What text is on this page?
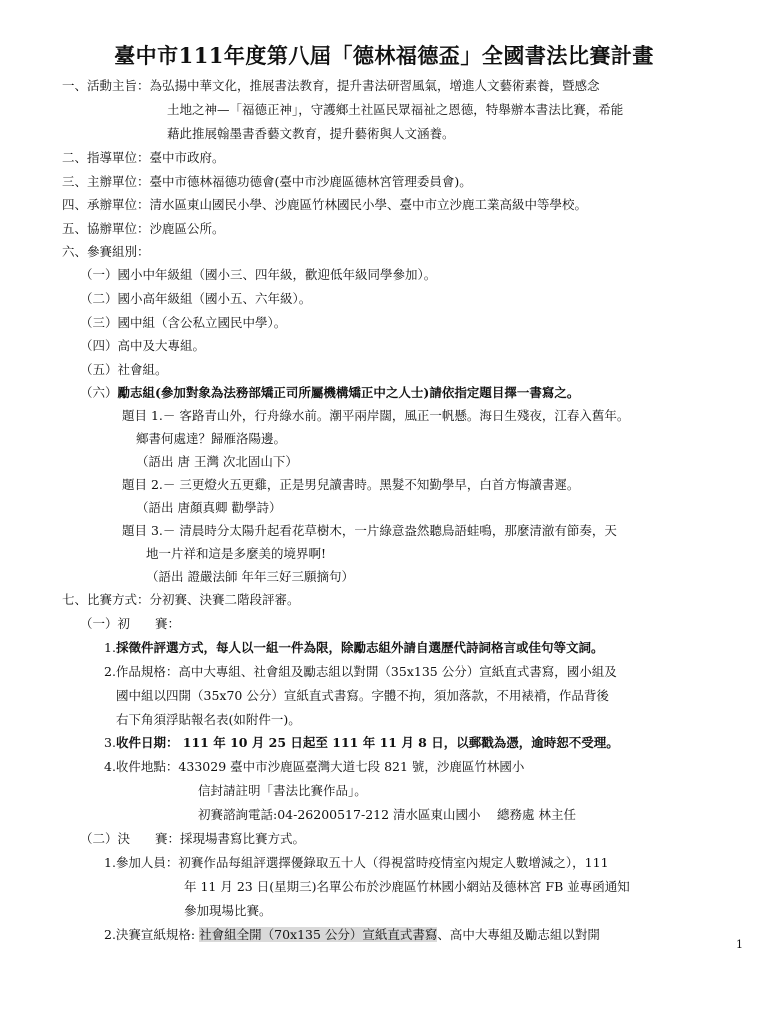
臺中市111年度第八屆「德林福德盃」全國書法比賽計畫
一、活動主旨：為弘揚中華文化，推展書法教育，提升書法研習風氣，增進人文藝術素養，暨感念
土地之神—「福德正神」，守護鄉土社區民眾福祉之恩德，特舉辦本書法比賽，希能
藉此推展翰墨書香藝文教育，提升藝術與人文涵養。
二、指導單位：臺中市政府。
三、主辦單位：臺中市德林福德功德會(臺中市沙鹿區德林宮管理委員會)。
四、承辦單位：清水區東山國民小學、沙鹿區竹林國民小學、臺中市立沙鹿工業高級中等學校。
五、協辦單位：沙鹿區公所。
六、參賽組別：
（一）國小中年級組（國小三、四年級，歡迎低年級同學參加）。
（二）國小高年級組（國小五、六年級）。
（三）國中組（含公私立國民中學）。
（四）高中及大專組。
（五）社會組。
（六）勵志組(參加對象為法務部矯正司所屬機構矯正中之人士)請依指定題目擇一書寫之。
題目 1.－ 客路青山外，行舟綠水前。潮平兩岸闊，風正一帆懸。海日生殘夜，江春入舊年。
鄉書何處達？歸雁洛陽邊。
（語出 唐 王灣 次北固山下）
題目 2.－ 三更燈火五更雞，正是男兒讀書時。黑髮不知勤學早，白首方悔讀書遲。
（語出 唐顏真卿 勸學詩）
題目 3.－ 清晨時分太陽升起看花草樹木，一片綠意盎然聽鳥語蛙鳴，那麼清澈有節奏，天
地一片祥和這是多麼美的境界啊!
（語出 證嚴法師 年年三好三願摘句）
七、比賽方式：分初賽、決賽二階段評審。
（一）初　　賽：
1.採徵件評選方式，每人以一組一件為限，除勵志組外請自選歷代詩詞格言或佳句等文詞。
2.作品規格：高中大專組、社會組及勵志組以對開（35x135 公分）宣紙直式書寫，國小組及
國中組以四開（35x70 公分）宣紙直式書寫。字體不拘，須加落款，不用裱褙，作品背後
右下角須浮貼報名表(如附件一)。
3.收件日期： 111 年 10 月 25 日起至 111 年 11 月 8 日，以郵戳為憑，逾時恕不受理。
4.收件地點：433029 臺中市沙鹿區臺灣大道七段 821 號，沙鹿區竹林國小
信封請註明「書法比賽作品」。
初賽諮詢電話:04-26200517-212 清水區東山國小　 總務處 林主任
（二）決　　賽：採現場書寫比賽方式。
1.參加人員：初賽作品每組評選擇優錄取五十人（得視當時疫情室內規定人數增減之），111
年 11 月 23 日(星期三)名單公布於沙鹿區竹林國小網站及德林宮 FB 並專函通知
參加現場比賽。
2.決賽宣紙規格: 社會組全開（70x135 公分）宣紙直式書寫、高中大專組及勵志組以對開
1
